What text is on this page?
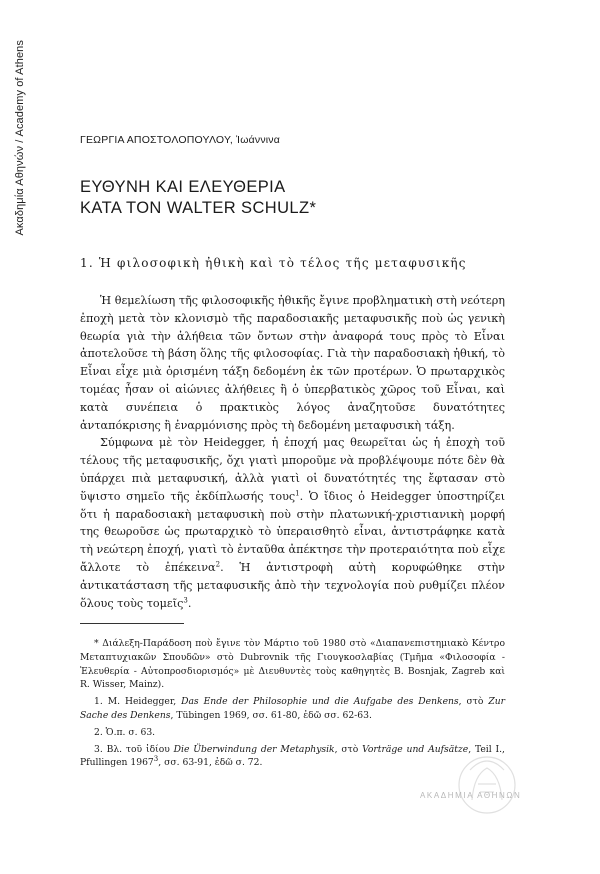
Ακαδημία Αθηνών / Academy of Athens	ΓΕΩΡΓΙΑ ΑΠΟΣΤΟΛΟΠΟΥΛΟΥ, Ἰωάννινα
ΕΥΘΥΝΗ ΚΑΙ ΕΛΕΥΘΕΡΙΑ
ΚΑΤΑ ΤΟΝ WALTER SCHULZ*
1. Ἡ φιλοσοφικὴ ἠθικὴ καὶ τὸ τέλος τῆς μεταφυσικῆς

Ἡ θεμελίωση τῆς φιλοσοφικῆς ἠθικῆς ἔγινε προβληματικὴ στὴ νεότερη ἐποχὴ μετὰ τὸν κλονισμὸ τῆς παραδοσιακῆς μεταφυσικῆς ποὺ ὡς γενικὴ θεωρία γιὰ τὴν ἀλήθεια τῶν ὄντων στὴν ἀναφορά τους πρὸς τὸ Εἶναι ἀποτελοῦσε τὴ βάση ὅλης τῆς φιλοσοφίας. Γιὰ τὴν παραδοσιακὴ ἠθική, τὸ Εἶναι εἶχε μιὰ ὁρισμένη τάξη δεδομένη ἐκ τῶν προτέρων. Ὁ πρωταρχικὸς τομέας ἦσαν οἱ αἰώνιες ἀλήθειες ἢ ὁ ὑπερβατικὸς χῶρος τοῦ Εἶναι, καὶ κατὰ συνέπεια ὁ πρακτικὸς λόγος ἀναζητοῦσε δυνατότητες ἀνταπόκρισης ἢ ἐναρμόνισης πρὸς τὴ δεδομένη μεταφυσικὴ τάξη.

Σύμφωνα μὲ τὸν Heidegger, ἡ ἐποχή μας θεωρεῖται ὡς ἡ ἐποχὴ τοῦ τέλους τῆς μεταφυσικῆς, ὄχι γιατὶ μποροῦμε νὰ προβλέψουμε πότε δὲν θὰ ὑπάρχει πιὰ μεταφυσική, ἀλλὰ γιατὶ οἱ δυνατότητές της ἔφτασαν στὸ ὕψιστο σημεῖο τῆς ἐκδίπλωσής τους$^1$. Ὁ ἴδιος ὁ Heidegger ὑποστηρίζει ὅτι ἡ παραδοσιακὴ μεταφυσικὴ ποὺ στὴν πλατωνική-χριστιανικὴ μορφή της θεωροῦσε ὡς πρωταρχικὸ τὸ ὑπεραισθητὸ εἶναι, ἀντιστράφηκε κατὰ τὴ νεώτερη ἐποχή, γιατὶ τὸ ἐνταῦθα ἀπέκτησε τὴν προτεραιότητα ποὺ εἶχε ἄλλοτε τὸ ἐπέκεινα$^2$. Ἡ ἀντιστροφὴ αὐτὴ κορυφώθηκε στὴν ἀντικατάσταση τῆς μεταφυσικῆς ἀπὸ τὴν τεχνολογία ποὺ ρυθμίζει πλέον ὅλους τοὺς τομεῖς$^3$.

* Διάλεξη-Παράδοση ποὺ ἔγινε τὸν Μάρτιο τοῦ 1980 στὸ «Διαπανεπιστημιακὸ Κέντρο Μεταπτυχιακῶν Σπουδῶν» στὸ Dubrovnik τῆς Γιουγκοσλαβίας (Τμῆμα «Φιλοσοφία - Ἐλευθερία - Αὐτοπροσδιορισμός» μὲ Διευθυντὲς τοὺς καθηγητὲς B. Bosnjak, Zagreb καὶ R. Wisser, Mainz).

1. M. Heidegger, Das Ende der Philosophie und die Aufgabe des Denkens, στὸ Zur Sache des Denkens, Tübingen 1969, σσ. 61-80, ἐδῶ σσ. 62-63.

2. Ὁ.π. σ. 63.

3. Βλ. τοῦ ἰδίου Die Überwindung der Metaphysik, στὸ Vorträge und Aufsätze, Teil I., Pfullingen 1967$^3$, σσ. 63-91, ἐδῶ σ. 72.

ΑΚΑΔΗΜΙΑ ΑΘΗΝΩΝ
